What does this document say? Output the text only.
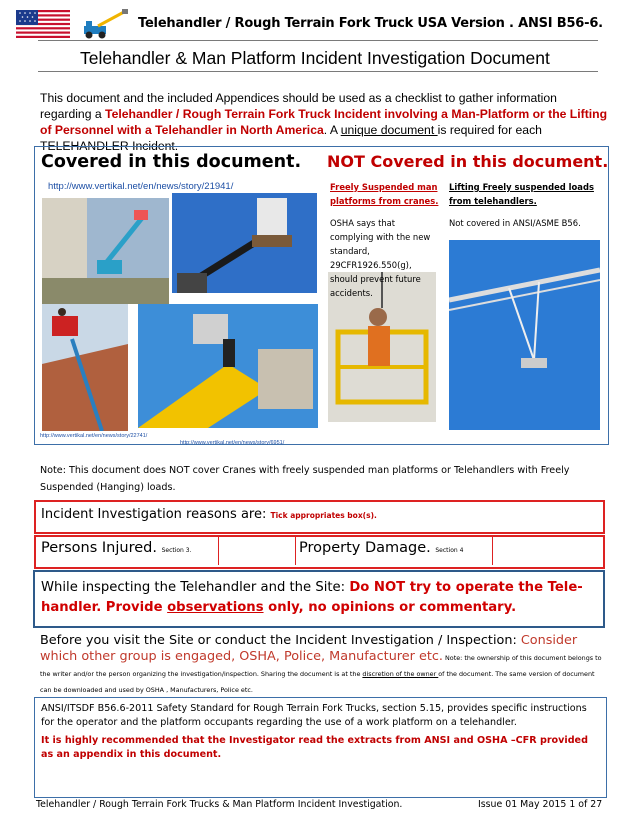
Telehandler / Rough Terrain Fork Truck USA Version . ANSI B56-6.
Telehandler & Man Platform Incident Investigation Document
This document and the included Appendices should be used as a checklist to gather information regarding a Telehandler / Rough Terrain Fork Truck Incident involving a Man-Platform or the Lifting of Personnel with a Telehandler in North America. A unique document is required for each TELEHANDLER Incident.
Covered in this document. NOT Covered in this document.
http://www.vertikal.net/en/news/story/21941/
http://www.vertikal.net/en/news/story/22741/
http://www.vertikal.net/en/news/story/6951/
Freely Suspended man platforms from cranes.
OSHA says that complying with the new standard, 29CFR1926.550(g), should prevent future accidents.
Lifting Freely suspended loads from telehandlers.
Not covered in ANSI/ASME B56.
Note: This document does NOT cover Cranes with freely suspended man platforms or Telehandlers with Freely Suspended (Hanging) loads.
Incident Investigation reasons are: Tick appropriates box(s).
Persons Injured. Section 3.	Property Damage. Section 4
While inspecting the Telehandler and the Site: Do NOT try to operate the Tele-handler. Provide observations only, no opinions or commentary.
Before you visit the Site or conduct the Incident Investigation / Inspection: Consider which other group is engaged, OSHA, Police, Manufacturer etc. Note: the ownership of this document belongs to the writer and/or the person organizing the investigation/inspection. Sharing the document is at the discretion of the owner of the document. The same version of document can be downloaded and used by OSHA , Manufacturers, Police etc.
ANSI/ITSDF B56.6-2011 Safety Standard for Rough Terrain Fork Trucks, section 5.15, provides specific instructions for the operator and the platform occupants regarding the use of a work platform on a telehandler.
It is highly recommended that the Investigator read the extracts from ANSI and OSHA –CFR provided as an appendix in this document.
Telehandler / Rough Terrain Fork Trucks & Man Platform Incident Investigation.	Issue 01 May 2015 1 of 27
